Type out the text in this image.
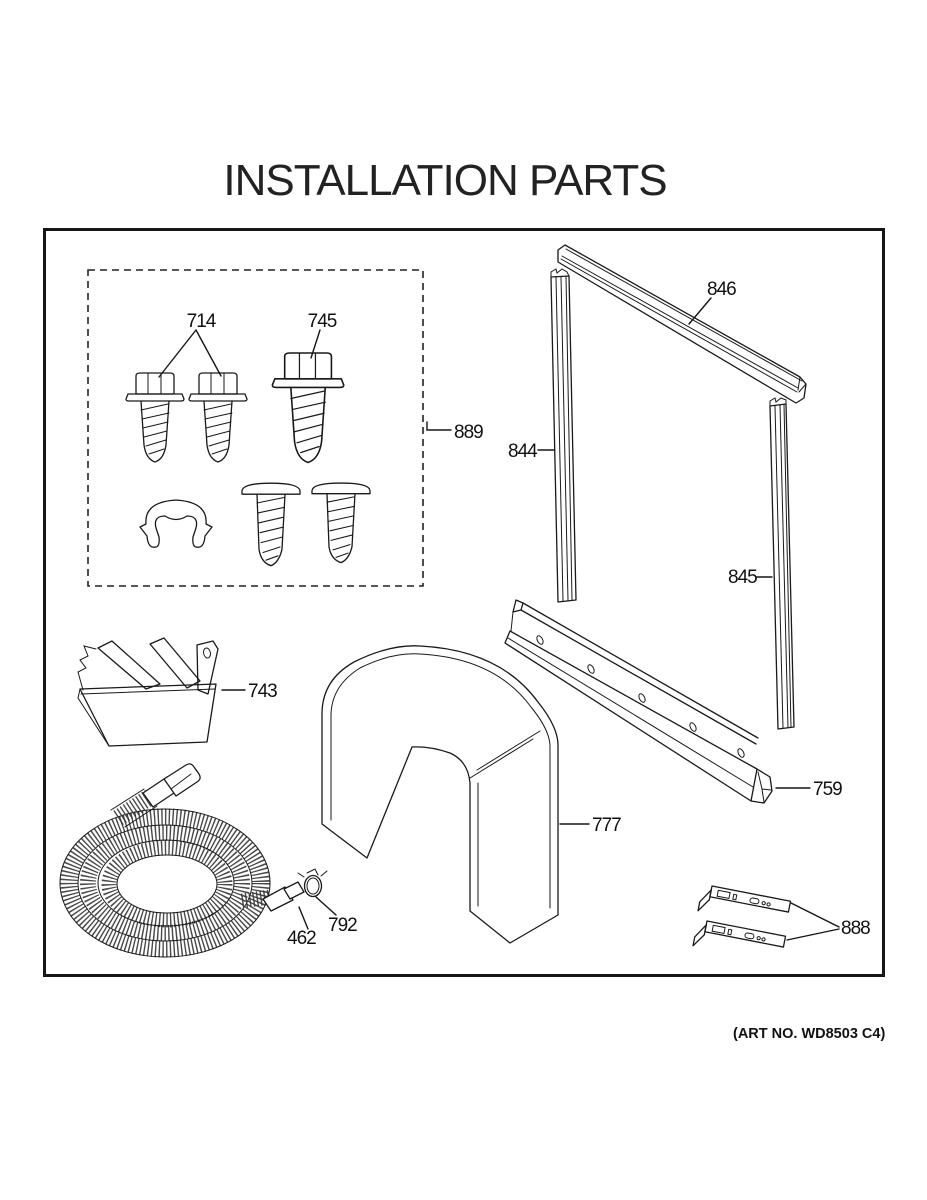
INSTALLATION PARTS
714	745
889
846
844
845
759
743
777
462
792	888
(ART NO. WD8503 C4)
